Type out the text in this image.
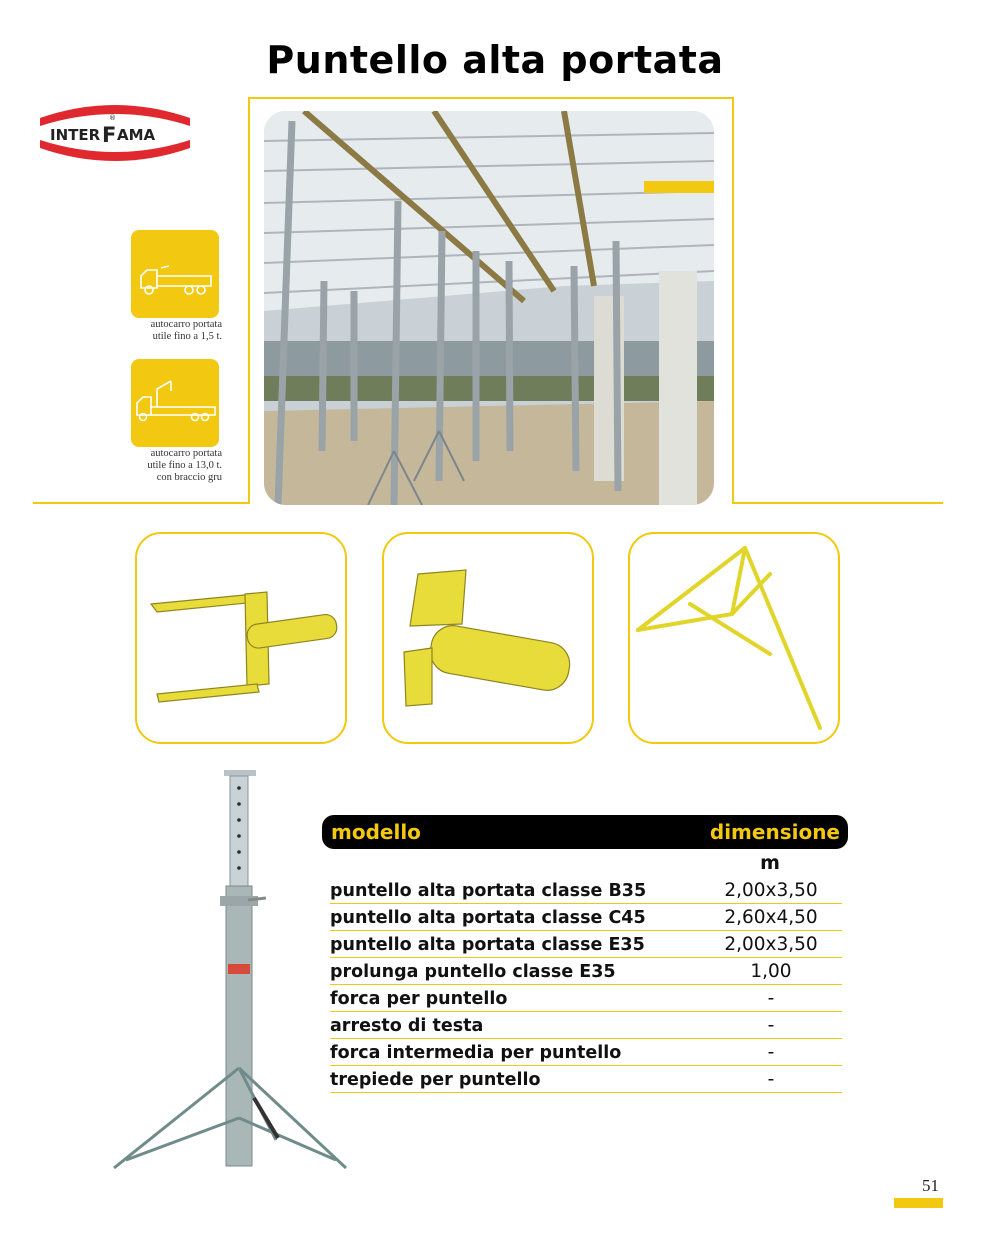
Puntello alta portata
INTER F AMA
®
autocarro portata
utile fino a 1,5 t.
autocarro portata
utile fino a 13,0 t.
con braccio gru
modello	dimensione
m
puntello alta portata classe B35	2,00x3,50
puntello alta portata classe C45	2,60x4,50
puntello alta portata classe E35	2,00x3,50
prolunga puntello classe E35	1,00
forca per puntello	-
arresto di testa	-
forca intermedia per puntello	-
trepiede per puntello	-
51
